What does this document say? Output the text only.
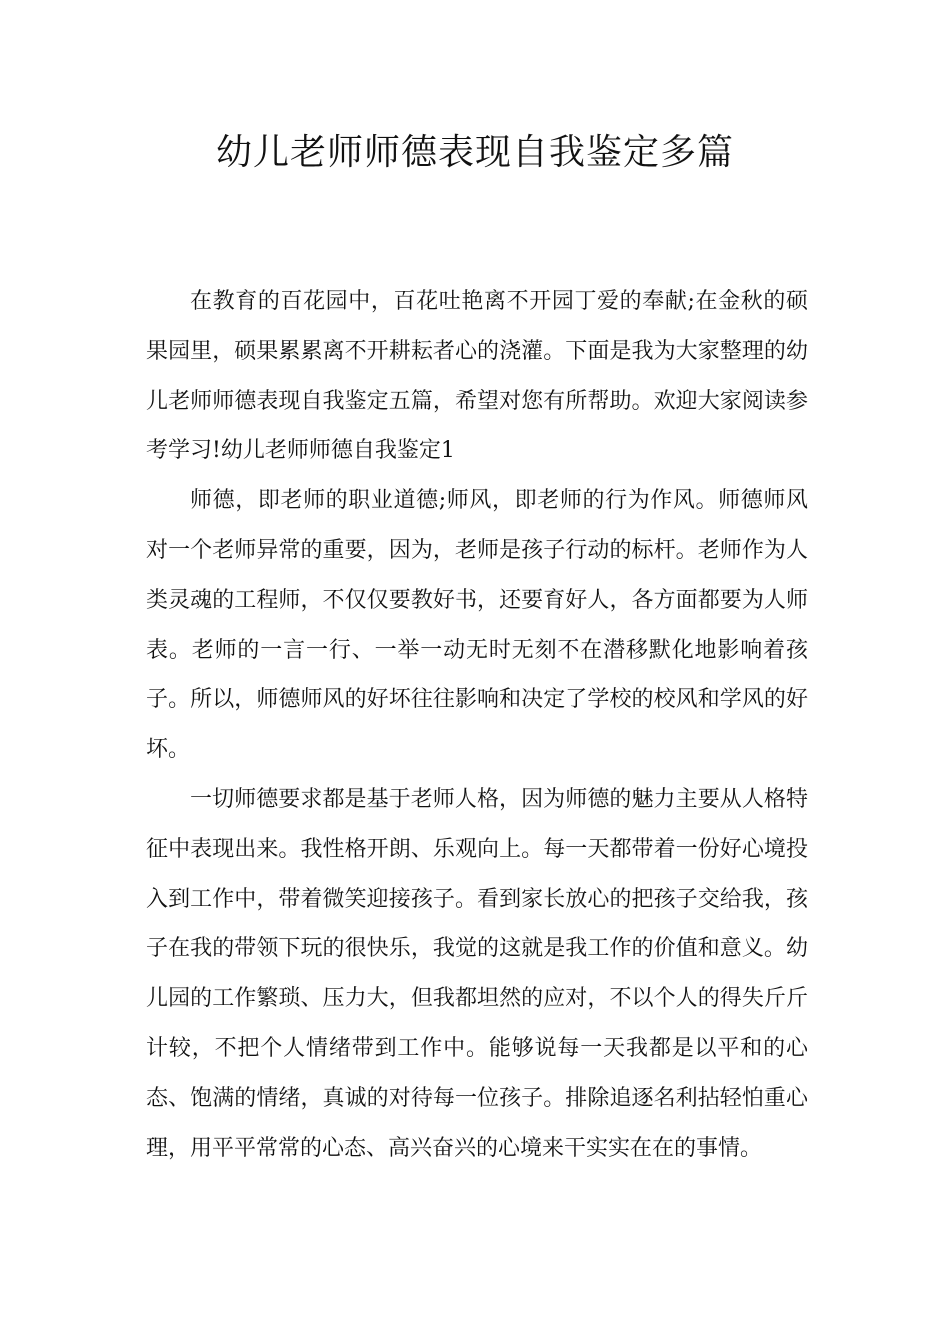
幼儿老师师德表现自我鉴定多篇

在教育的百花园中，百花吐艳离不开园丁爱的奉献;在金秋的硕果园里，硕果累累离不开耕耘者心的浇灌。下面是我为大家整理的幼儿老师师德表现自我鉴定五篇，希望对您有所帮助。欢迎大家阅读参考学习!幼儿老师师德自我鉴定1

师德，即老师的职业道德;师风，即老师的行为作风。师德师风对一个老师异常的重要，因为，老师是孩子行动的标杆。老师作为人类灵魂的工程师，不仅仅要教好书，还要育好人，各方面都要为人师表。老师的一言一行、一举一动无时无刻不在潜移默化地影响着孩子。所以，师德师风的好坏往往影响和决定了学校的校风和学风的好坏。

一切师德要求都是基于老师人格，因为师德的魅力主要从人格特征中表现出来。我性格开朗、乐观向上。每一天都带着一份好心境投入到工作中，带着微笑迎接孩子。看到家长放心的把孩子交给我，孩子在我的带领下玩的很快乐，我觉的这就是我工作的价值和意义。幼儿园的工作繁琐、压力大，但我都坦然的应对，不以个人的得失斤斤计较，不把个人情绪带到工作中。能够说每一天我都是以平和的心态、饱满的情绪，真诚的对待每一位孩子。排除追逐名利拈轻怕重心理，用平平常常的心态、高兴奋兴的心境来干实实在在的事情。
